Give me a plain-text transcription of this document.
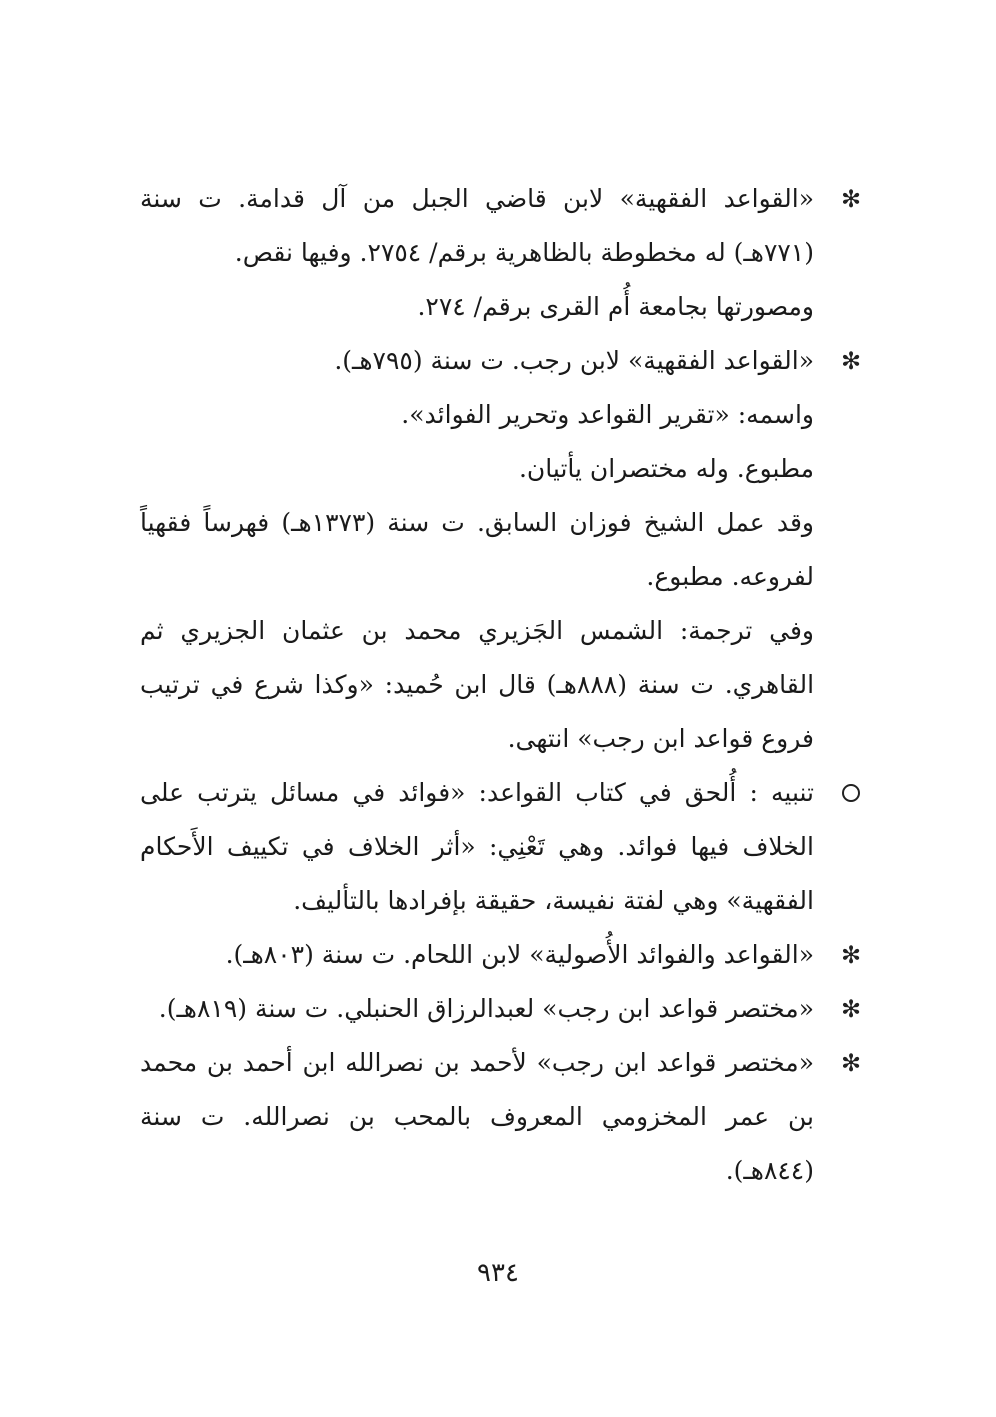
✻

«القواعد الفقهية» لابن قاضي الجبل من آل قدامة. ت سنة (٧٧١هـ) له مخطوطة بالظاهرية برقم/ ٢٧٥٤. وفيها نقص.

ومصورتها بجامعة أُم القرى برقم/ ٢٧٤.

✻

«القواعد الفقهية» لابن رجب. ت سنة (٧٩٥هـ).

واسمه: «تقرير القواعد وتحرير الفوائد».

مطبوع. وله مختصران يأتيان.

وقد عمل الشيخ فوزان السابق. ت سنة (١٣٧٣هـ) فهرساً فقهياً لفروعه. مطبوع.

وفي ترجمة: الشمس الجَزيري محمد بن عثمان الجزيري ثم القاهري. ت سنة (٨٨٨هـ) قال ابن حُميد: «وكذا شرع في ترتيب فروع قواعد ابن رجب» انتهى.

تنبيه : أُلحق في كتاب القواعد: «فوائد في مسائل يترتب على الخلاف فيها فوائد. وهي تَعْنِي: «أثر الخلاف في تكييف الأَحكام الفقهية» وهي لفتة نفيسة، حقيقة بإفرادها بالتأليف.

✻

«القواعد والفوائد الأُصولية» لابن اللحام. ت سنة (٨٠٣هـ).

✻

«مختصر قواعد ابن رجب» لعبدالرزاق الحنبلي. ت سنة (٨١٩هـ).

✻

«مختصر قواعد ابن رجب» لأحمد بن نصرالله ابن أحمد بن محمد بن عمر المخزومي المعروف بالمحب بن نصرالله. ت سنة (٨٤٤هـ).

٩٣٤
